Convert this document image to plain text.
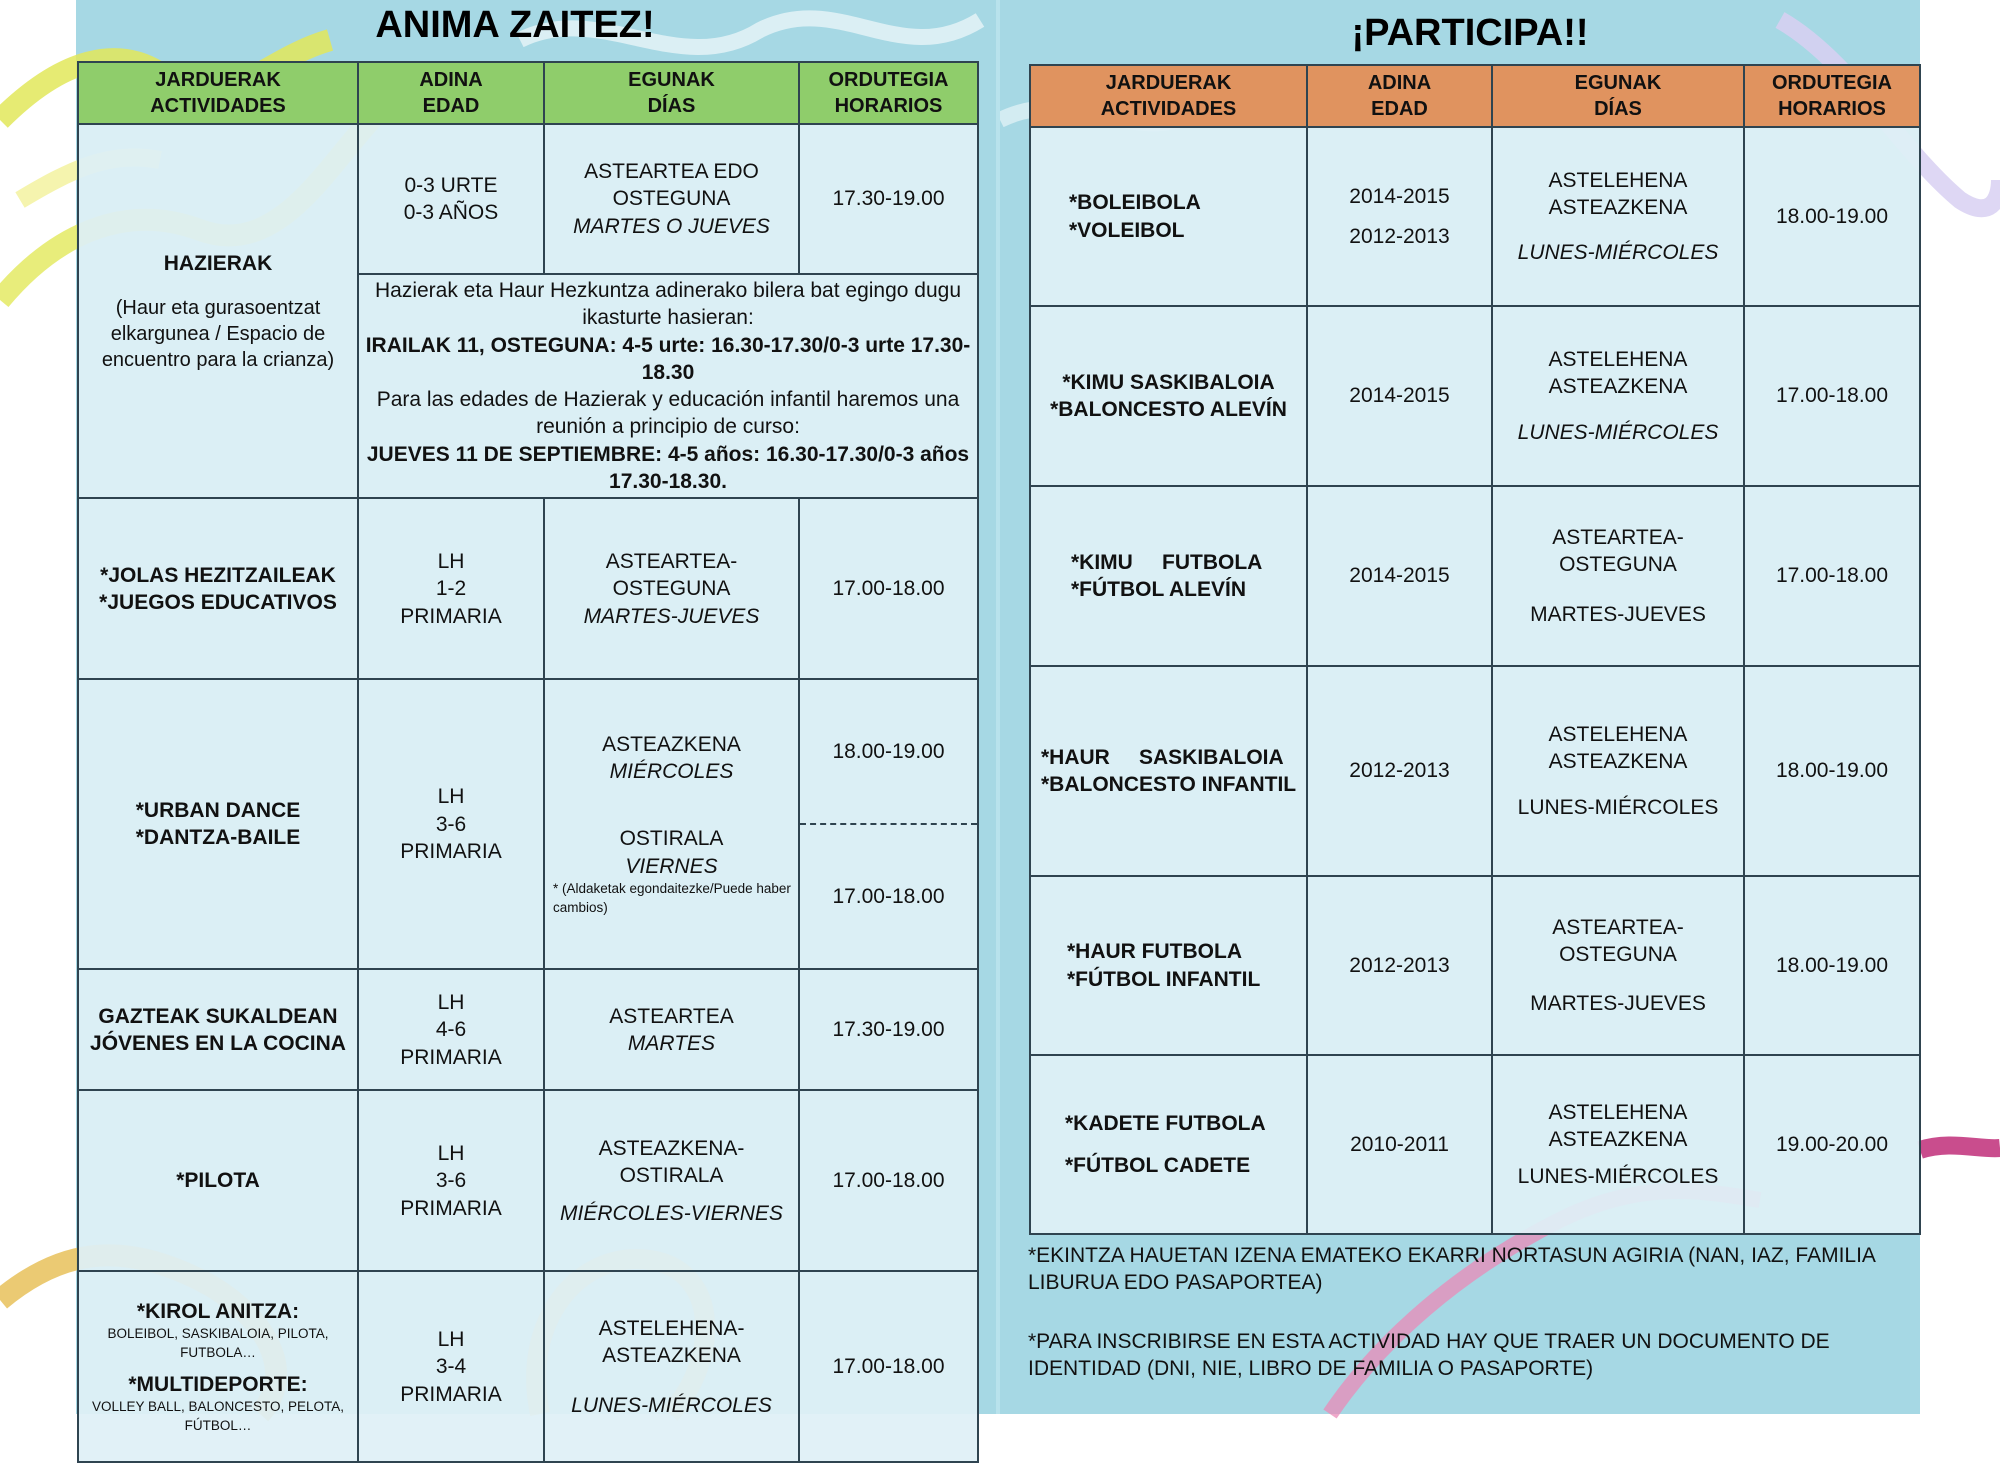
ANIMA ZAITEZ!
JARDUERAK
ACTIVIDADES	ADINA
EDAD	EGUNAK
DÍAS	ORDUTEGIA
HORARIOS

HAZIERAK
(Haur eta gurasoentzat elkargunea / Espacio de encuentro para la crianza)	0-3 URTE
0-3 AÑOS	ASTEARTEA EDO
OSTEGUNA
MARTES O JUEVES	17.30-19.00

	Hazierak eta Haur Hezkuntza adinerako bilera bat egingo dugu ikasturte hasieran:
IRAILAK 11, OSTEGUNA: 4-5 urte: 16.30-17.30/0-3 urte 17.30-18.30
Para las edades de Hazierak y educación infantil haremos una reunión a principio de curso:
JUEVES 11 DE SEPTIEMBRE: 4-5 años: 16.30-17.30/0-3 años 17.30-18.30.		

*JOLAS HEZITZAILEAK
*JUEGOS EDUCATIVOS	LH
1-2
PRIMARIA	ASTEARTEA-OSTEGUNA
MARTES-JUEVES	17.00-18.00

*URBAN DANCE
*DANTZA-BAILE	LH
3-6
PRIMARIA	ASTEAZKENA
MIÉRCOLES
OSTIRALA
VIERNES
* (Aldaketak egondaitezke/Puede haber cambios)	18.00-19.00
			17.00-18.00

GAZTEAK SUKALDEAN
JÓVENES EN LA COCINA	LH
4-6
PRIMARIA	ASTEARTEA
MARTES	17.30-19.00
*PILOTA	LH
3-6
PRIMARIA	ASTEAZKENA-OSTIRALA
MIÉRCOLES-VIERNES	17.00-18.00

*KIROL ANITZA:
BOLEIBOL, SASKIBALOIA, PILOTA, FUTBOLA…
*MULTIDEPORTE:
VOLLEY BALL, BALONCESTO, PELOTA, FÚTBOL…	LH
3-4
PRIMARIA	ASTELEHENA-ASTEAZKENA
LUNES-MIÉRCOLES	17.00-18.00
¡PARTICIPA!!
JARDUERAK
ACTIVIDADES	ADINA
EDAD	EGUNAK
DÍAS	ORDUTEGIA
HORARIOS

*BOLEIBOLA
*VOLEIBOL	2014-2015
2012-2013	ASTELEHENA
ASTEAZKENA
LUNES-MIÉRCOLES	18.00-19.00

*KIMU SASKIBALOIA
*BALONCESTO ALEVÍN	2014-2015	ASTELEHENA
ASTEAZKENA
LUNES-MIÉRCOLES	17.00-18.00

*KIMU     FUTBOLA
*FÚTBOL ALEVÍN	2014-2015	ASTEARTEA-OSTEGUNA
MARTES-JUEVES	17.00-18.00

*HAUR     SASKIBALOIA
*BALONCESTO INFANTIL	2012-2013	ASTELEHENA
ASTEAZKENA
LUNES-MIÉRCOLES	18.00-19.00

*HAUR FUTBOLA
*FÚTBOL INFANTIL	2012-2013	ASTEARTEA-OSTEGUNA
MARTES-JUEVES	18.00-19.00

*KADETE FUTBOLA
*FÚTBOL CADETE	2010-2011	ASTELEHENA
ASTEAZKENA
LUNES-MIÉRCOLES	19.00-20.00
*EKINTZA HAUETAN IZENA EMATEKO EKARRI NORTASUN AGIRIA (NAN, IAZ, FAMILIA LIBURUA EDO PASAPORTEA)
*PARA INSCRIBIRSE EN ESTA ACTIVIDAD HAY QUE TRAER UN DOCUMENTO DE IDENTIDAD (DNI, NIE, LIBRO DE FAMILIA O PASAPORTE)
